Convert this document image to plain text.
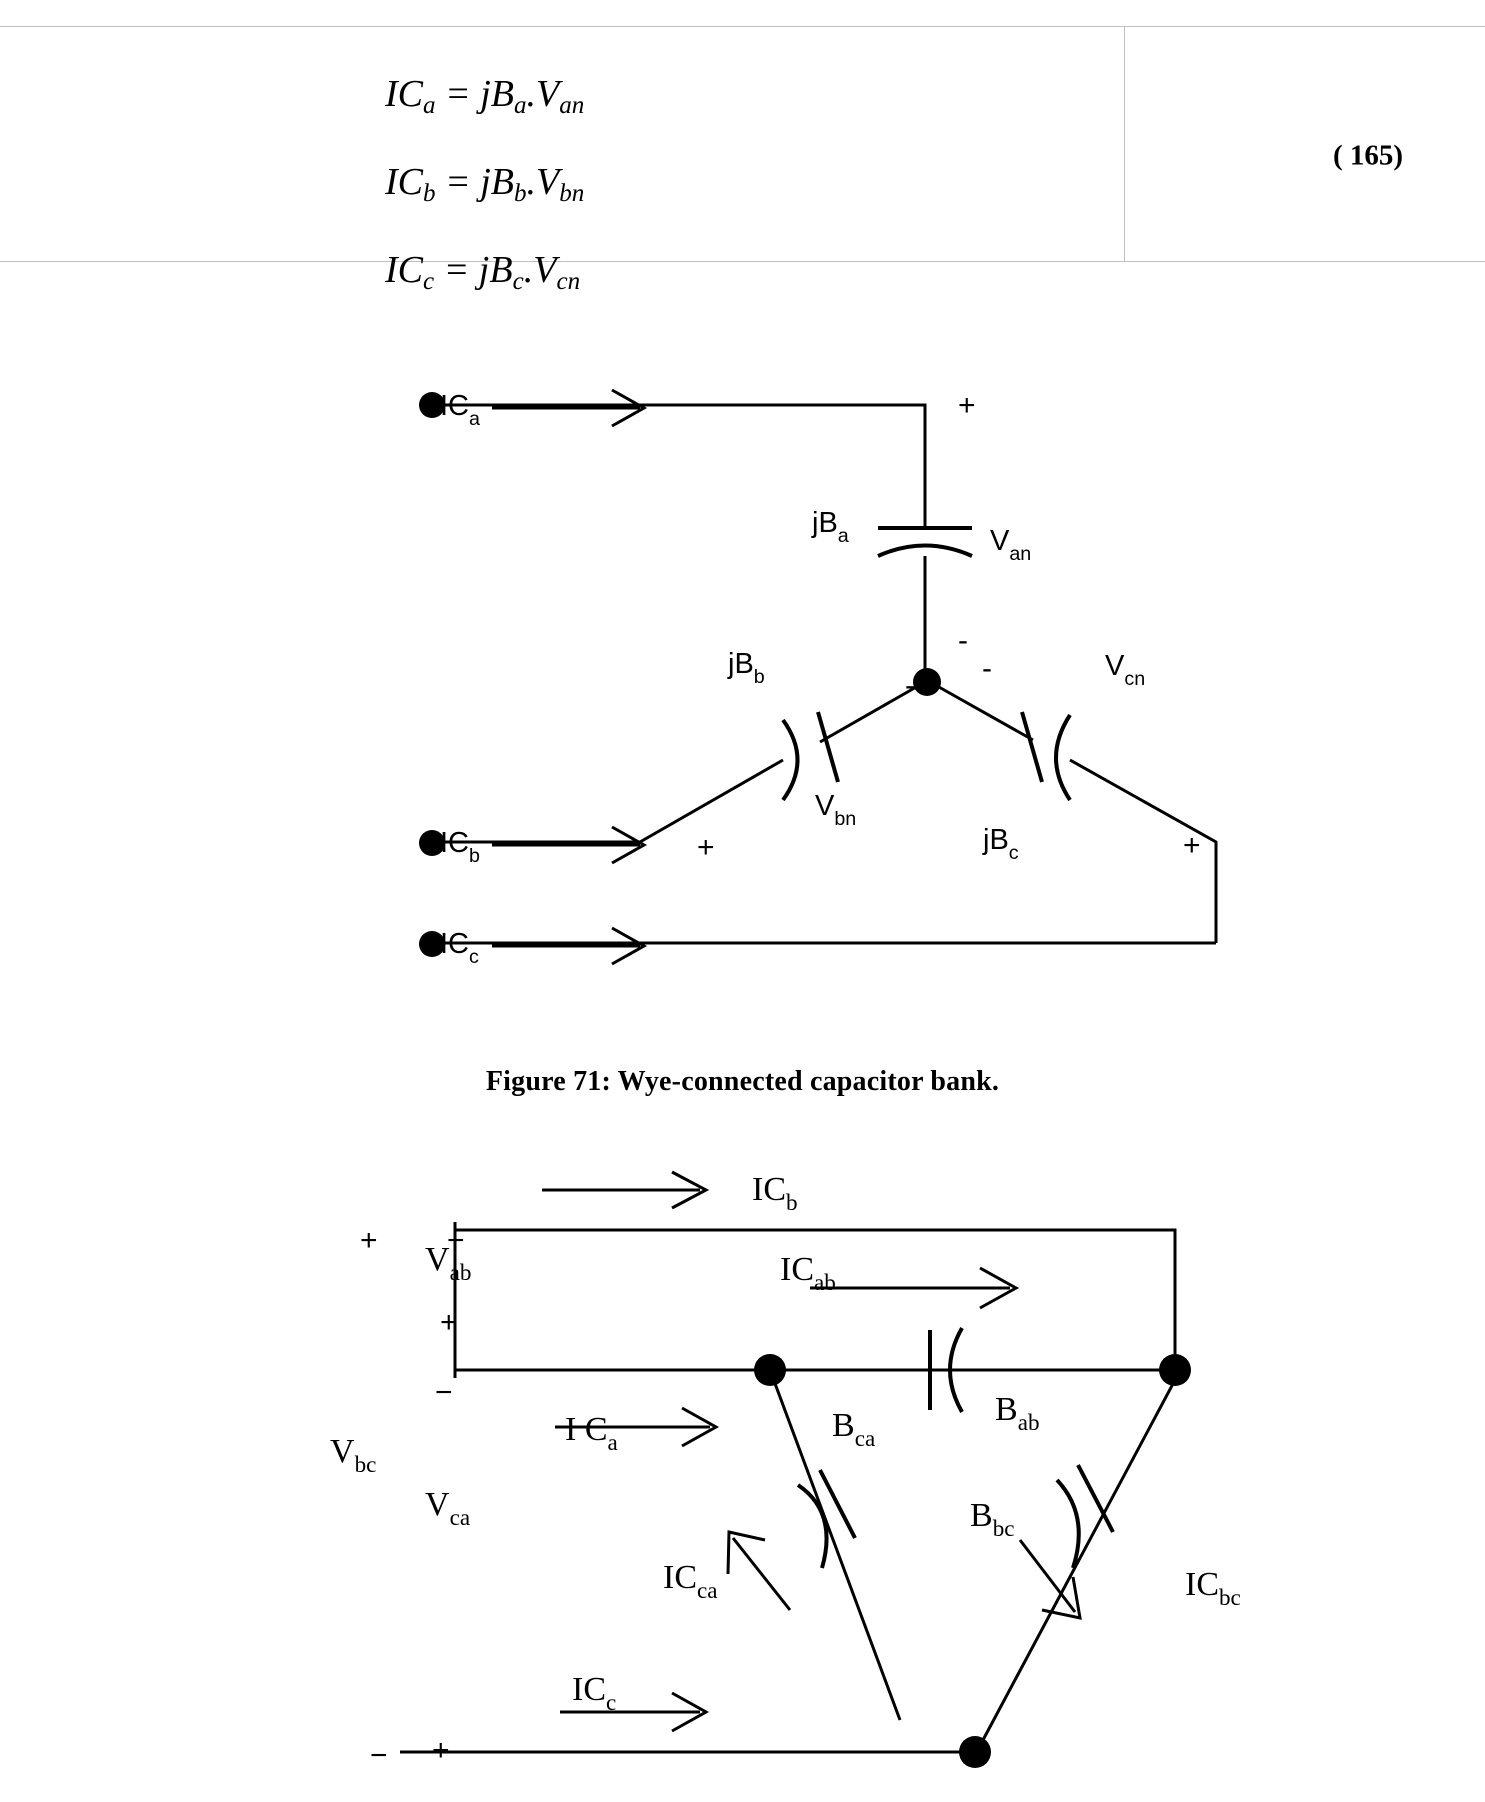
$IC_a = jB_a.V_{an}$
$IC_b = jB_b.V_{bn}$
$IC_c = jB_c.V_{cn}$
( 165)
$IC_a$
$IC_b$
$IC_c$
$jB_a$
$jB_b$
$jB_c$
$V_{an}$
$V_{bn}$
$V_{cn}$
+
-
-
+
-
+
Figure 71: Wye-connected capacitor bank.
$IC_b$
$IC_{ab}$
I $C_a$
$IC_c$
$IC_{ca}$	$IC_{bc}$
$B_{ab}$
$B_{ca}$
$B_{bc}$
$V_{ab}$
$V_{bc}$
$V_{ca}$
+ −
+
−
− +
